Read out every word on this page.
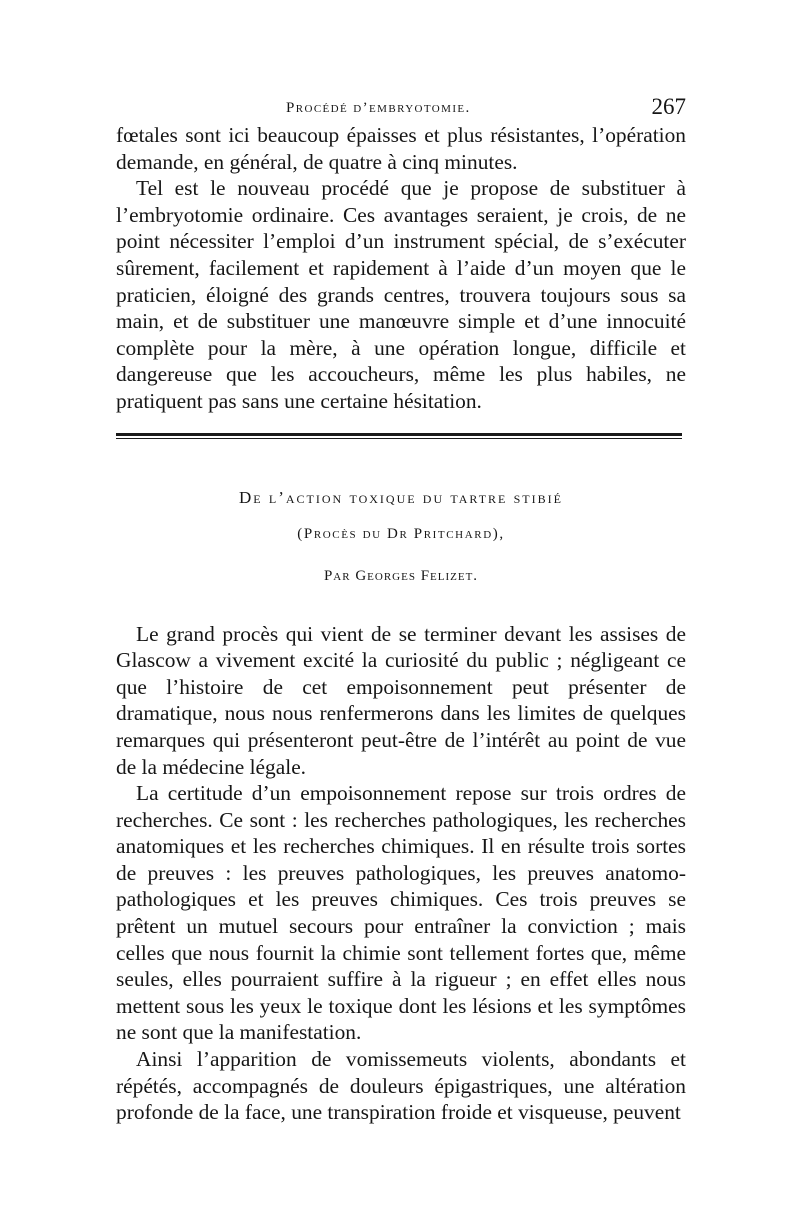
Procédé d’embryotomie.	267

fœtales sont ici beaucoup épaisses et plus résistantes, l’opération demande, en général, de quatre à cinq minutes.

Tel est le nouveau procédé que je propose de substituer à l’embryotomie ordinaire. Ces avantages seraient, je crois, de ne point nécessiter l’emploi d’un instrument spécial, de s’exécuter sûrement, facilement et rapidement à l’aide d’un moyen que le praticien, éloigné des grands centres, trouvera toujours sous sa main, et de substituer une manœuvre simple et d’une innocuité complète pour la mère, à une opération longue, difficile et dangereuse que les accoucheurs, même les plus habiles, ne pratiquent pas sans une certaine hésitation.

De l’action toxique du tartre stibié
(Procès du Dr Pritchard),
Par Georges Felizet.

Le grand procès qui vient de se terminer devant les assises de Glascow a vivement excité la curiosité du public ; négligeant ce que l’histoire de cet empoisonnement peut présenter de dramatique, nous nous renfermerons dans les limites de quelques remarques qui présenteront peut-être de l’intérêt au point de vue de la médecine légale.

La certitude d’un empoisonnement repose sur trois ordres de recherches. Ce sont : les recherches pathologiques, les recherches anatomiques et les recherches chimiques. Il en résulte trois sortes de preuves : les preuves pathologiques, les preuves anatomo-pathologiques et les preuves chimiques. Ces trois preuves se prêtent un mutuel secours pour entraîner la conviction ; mais celles que nous fournit la chimie sont tellement fortes que, même seules, elles pourraient suffire à la rigueur ; en effet elles nous mettent sous les yeux le toxique dont les lésions et les symptômes ne sont que la manifestation.

Ainsi l’apparition de vomissemeuts violents, abondants et répétés, accompagnés de douleurs épigastriques, une altération profonde de la face, une transpiration froide et visqueuse, peuvent
